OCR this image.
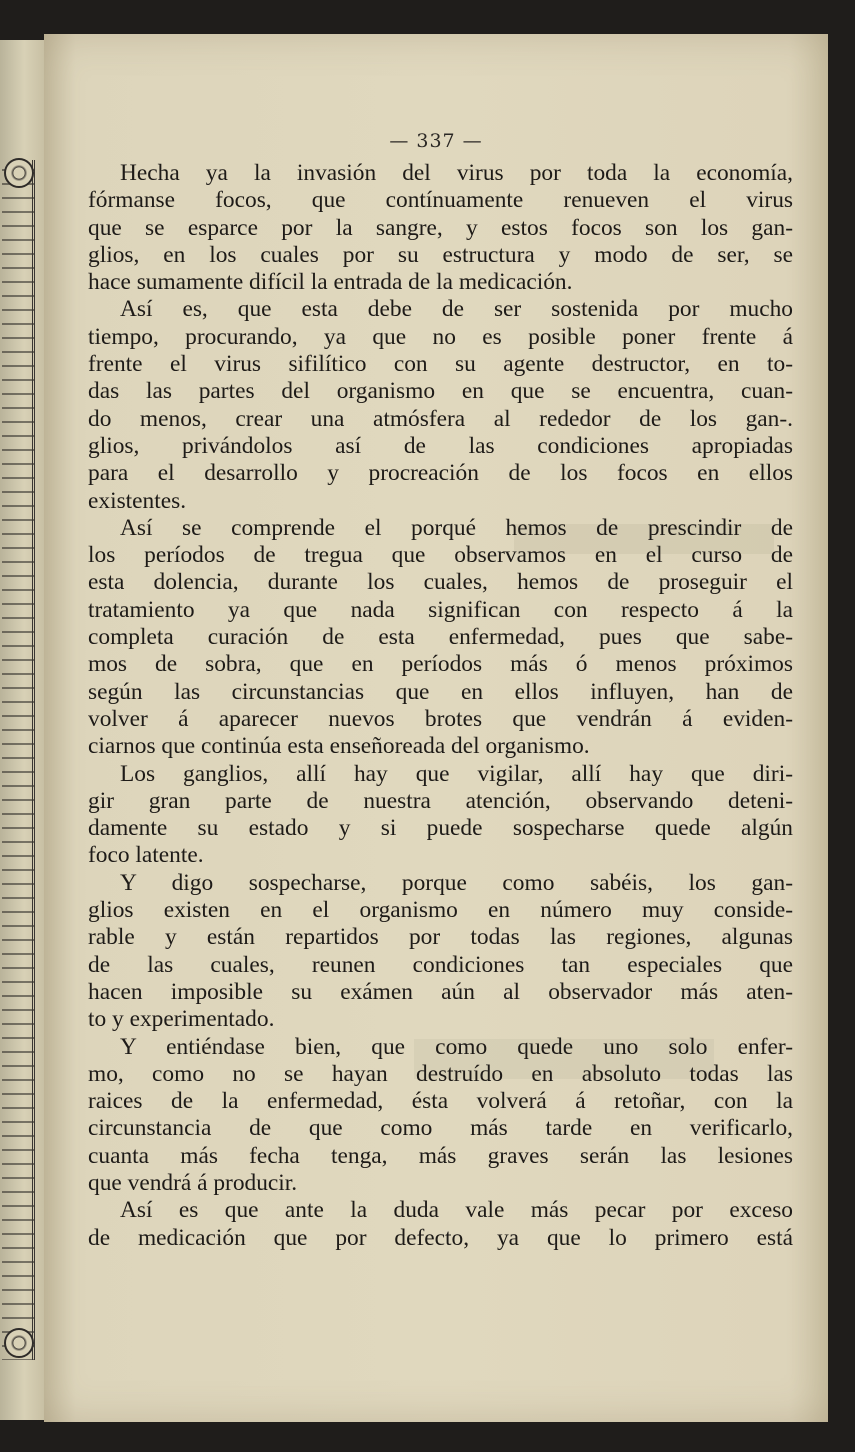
— 337 —
Hecha ya la invasión del virus por toda la economía,
fórmanse focos, que contínuamente renueven el virus
que se esparce por la sangre, y estos focos son los gan-
glios, en los cuales por su estructura y modo de ser, se
hace sumamente difícil la entrada de la medicación.
Así es, que esta debe de ser sostenida por mucho
tiempo, procurando, ya que no es posible poner frente á
frente el virus sifilítico con su agente destructor, en to-
das las partes del organismo en que se encuentra, cuan-
do menos, crear una atmósfera al rededor de los gan-.
glios, privándolos así de las condiciones apropiadas
para el desarrollo y procreación de los focos en ellos
existentes.
Así se comprende el porqué hemos de prescindir de
los períodos de tregua que observamos en el curso de
esta dolencia, durante los cuales, hemos de proseguir el
tratamiento ya que nada significan con respecto á la
completa curación de esta enfermedad, pues que sabe-
mos de sobra, que en períodos más ó menos próximos
según las circunstancias que en ellos influyen, han de
volver á aparecer nuevos brotes que vendrán á eviden-
ciarnos que continúa esta enseñoreada del organismo.
Los ganglios, allí hay que vigilar, allí hay que diri-
gir gran parte de nuestra atención, observando deteni-
damente su estado y si puede sospecharse quede algún
foco latente.
Y digo sospecharse, porque como sabéis, los gan-
glios existen en el organismo en número muy conside-
rable y están repartidos por todas las regiones, algunas
de las cuales, reunen condiciones tan especiales que
hacen imposible su exámen aún al observador más aten-
to y experimentado.
Y entiéndase bien, que como quede uno solo enfer-
mo, como no se hayan destruído en absoluto todas las
raices de la enfermedad, ésta volverá á retoñar, con la
circunstancia de que como más tarde en verificarlo,
cuanta más fecha tenga, más graves serán las lesiones
que vendrá á producir.
Así es que ante la duda vale más pecar por exceso
de medicación que por defecto, ya que lo primero está
